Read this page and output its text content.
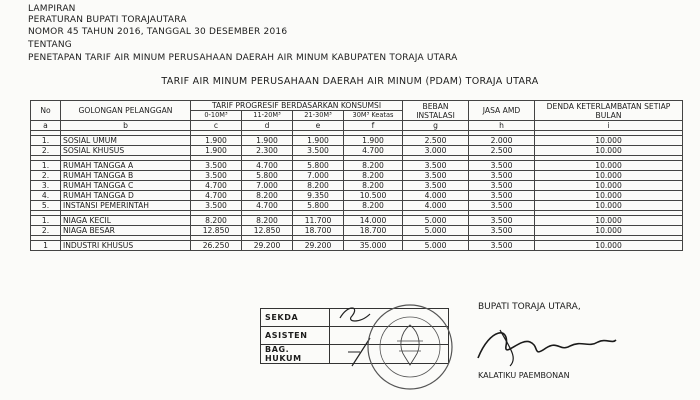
LAMPIRAN
PERATURAN BUPATI TORAJAUTARA
NOMOR 45 TAHUN 2016, TANGGAL 30 DESEMBER 2016
TENTANG
PENETAPAN TARIF AIR MINUM PERUSAHAAN DAERAH AIR MINUM KABUPATEN TORAJA UTARA
TARIF AIR MINUM PERUSAHAAN DAERAH AIR MINUM (PDAM) TORAJA UTARA
No	GOLONGAN PELANGGAN	TARIF PROGRESIF BERDASARKAN KONSUMSI				BEBAN INSTALASI	JASA AMD	DENDA KETERLAMBATAN SETIAP BULAN
		0-10M³	11-20M³	21-30M³	30M³ Keatas			
a	b	c	d	e	f	g	h	i

1.	SOSIAL UMUM	1.900	1.900	1.900	1.900	2.500	2.000	10.000
2.	SOSIAL KHUSUS	1.900	2.300	3.500	4.700	3.000	2.500	10.000

1.	RUMAH TANGGA A	3.500	4.700	5.800	8.200	3.500	3.500	10.000
2.	RUMAH TANGGA B	3.500	5.800	7.000	8.200	3.500	3.500	10.000
3.	RUMAH TANGGA C	4.700	7.000	8.200	8.200	3.500	3.500	10.000
4.	RUMAH TANGGA D	4.700	8.200	9.350	10.500	4.000	3.500	10.000
5.	INSTANSI PEMERINTAH	3.500	4.700	5.800	8.200	4.000	3.500	10.000

1.	NIAGA KECIL	8.200	8.200	11.700	14.000	5.000	3.500	10.000
2.	NIAGA BESAR	12.850	12.850	18.700	18.700	5.000	3.500	10.000

1	INDUSTRI KHUSUS	26.250	29.200	29.200	35.000	5.000	3.500	10.000
SEKDA	
ASISTEN	
BAG. HUKUM	
BUPATI TORAJA UTARA,
KALATIKU PAEMBONAN
